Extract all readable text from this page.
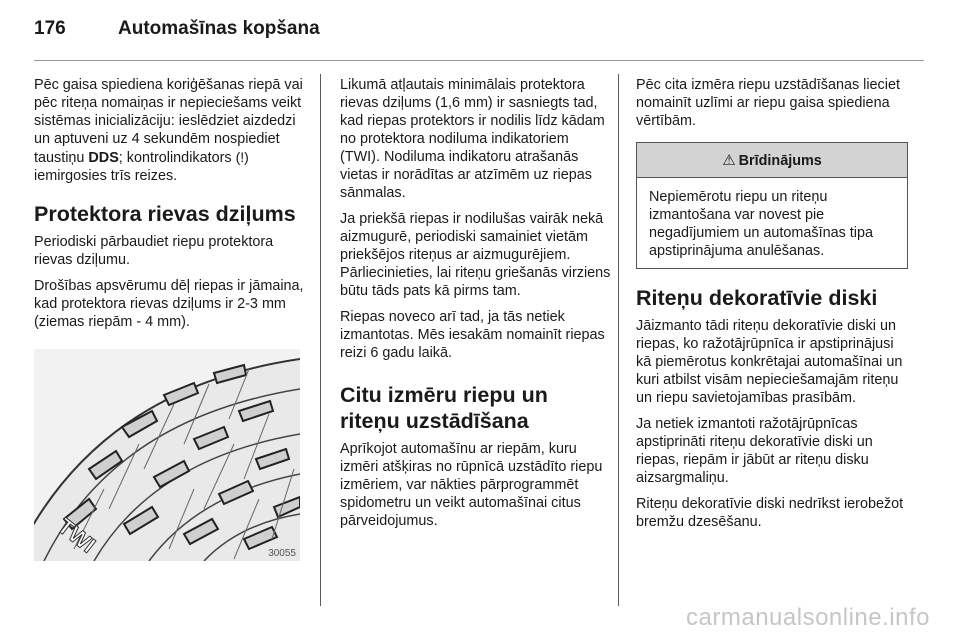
176	Automašīnas kopšana

Pēc gaisa spiediena koriģēšanas riepā vai pēc riteņa nomaiņas ir nepieciešams veikt sistēmas inicializāciju: ieslēdziet aizdedzi un aptuveni uz 4 sekundēm nospiediet taustiņu DDS; kontrolindikators (!) iemirgosies trīs reizes.

Protektora rievas dziļums

Periodiski pārbaudiet riepu protektora rievas dziļumu.

Drošības apsvērumu dēļ riepas ir jāmaina, kad protektora rievas dziļums ir 2-3 mm (ziemas riepām - 4 mm).

TWI	30055

Likumā atļautais minimālais protektora rievas dziļums (1,6 mm) ir sasniegts tad, kad riepas protektors ir nodilis līdz kādam no protektora nodiluma indikatoriem (TWI). Nodiluma indikatoru atrašanās vietas ir norādītas ar atzīmēm uz riepas sānmalas.

Ja priekšā riepas ir nodilušas vairāk nekā aizmugurē, periodiski samainiet vietām priekšējos riteņus ar aizmugurējiem. Pārliecinieties, lai riteņu griešanās virziens būtu tāds pats kā pirms tam.

Riepas noveco arī tad, ja tās netiek izmantotas. Mēs iesakām nomainīt riepas reizi 6 gadu laikā.

Citu izmēru riepu un riteņu uzstādīšana

Aprīkojot automašīnu ar riepām, kuru izmēri atšķiras no rūpnīcā uzstādīto riepu izmēriem, var nākties pārprogrammēt spidometru un veikt automašīnai citus pārveidojumus.

Pēc cita izmēra riepu uzstādīšanas lieciet nomainīt uzlīmi ar riepu gaisa spiediena vērtībām.

⚠ Brīdinājums

Nepiemērotu riepu un riteņu izmantošana var novest pie negadījumiem un automašīnas tipa apstiprinājuma anulēšanas.

Riteņu dekoratīvie diski

Jāizmanto tādi riteņu dekoratīvie diski un riepas, ko ražotājrūpnīca ir apstiprinājusi kā piemērotus konkrētajai automašīnai un kuri atbilst visām nepieciešamajām riteņu un riepu savietojamības prasībām.

Ja netiek izmantoti ražotājrūpnīcas apstiprināti riteņu dekoratīvie diski un riepas, riepām ir jābūt ar riteņu disku aizsargmaliņu.

Riteņu dekoratīvie diski nedrīkst ierobežot bremžu dzesēšanu.

carmanualsonline.info
